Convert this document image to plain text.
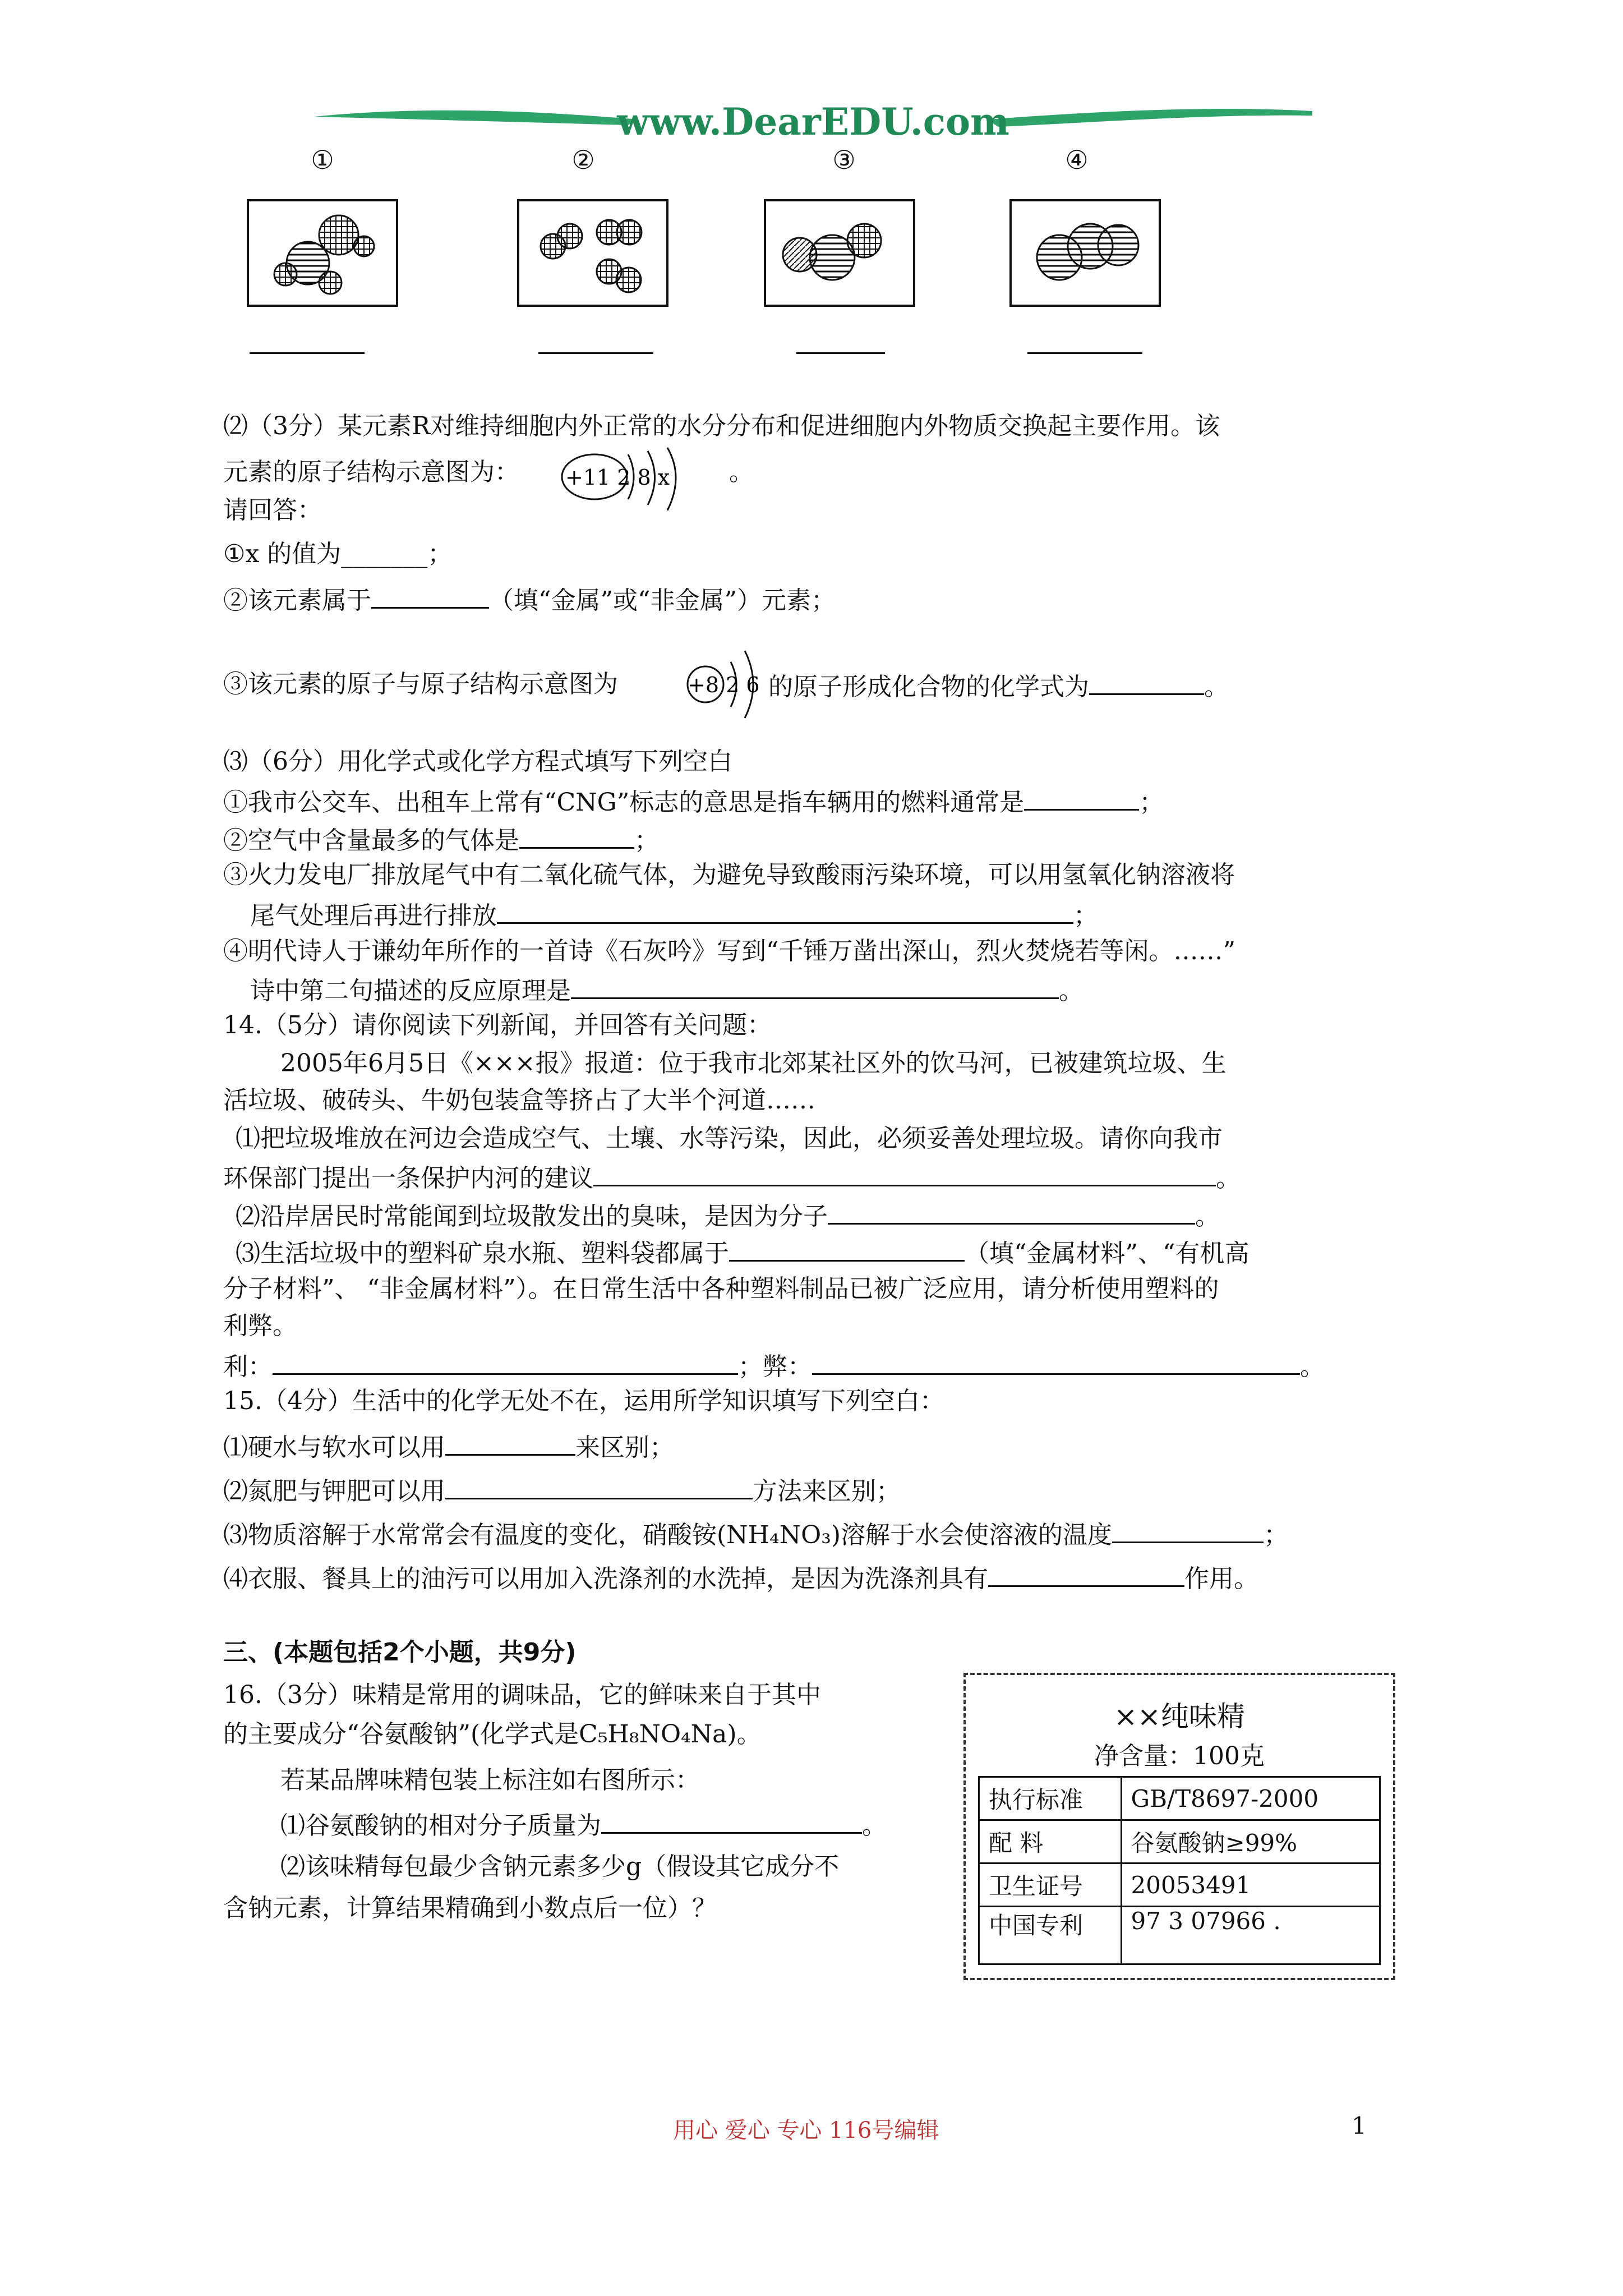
www.DearEDU.com
①	②	③	④
⑵（3分）某元素R对维持细胞内外正常的水分分布和促进细胞内外物质交换起主要作用。该
元素的原子结构示意图为： +11 2 8 x 。
请回答：
①x 的值为_______；
②该元素属于	（填“金属”或“非金属”）元素；
③该元素的原子与原子结构示意图为	+8 2 6 的原子形成化合物的化学式为	。
⑶（6分）用化学式或化学方程式填写下列空白
①我市公交车、出租车上常有“CNG”标志的意思是指车辆用的燃料通常是	；
②空气中含量最多的气体是	；
③火力发电厂排放尾气中有二氧化硫气体，为避免导致酸雨污染环境，可以用氢氧化钠溶液将
尾气处理后再进行排放	；
④明代诗人于谦幼年所作的一首诗《石灰吟》写到“千锤万凿出深山，烈火焚烧若等闲。……”
诗中第二句描述的反应原理是	。
14.（5分）请你阅读下列新闻，并回答有关问题：
2005年6月5日《×××报》报道：位于我市北郊某社区外的饮马河，已被建筑垃圾、生
活垃圾、破砖头、牛奶包装盒等挤占了大半个河道……
⑴把垃圾堆放在河边会造成空气、土壤、水等污染，因此，必须妥善处理垃圾。请你向我市
环保部门提出一条保护内河的建议	。
⑵沿岸居民时常能闻到垃圾散发出的臭味，是因为分子	。
⑶生活垃圾中的塑料矿泉水瓶、塑料袋都属于	（填“金属材料”、“有机高
分子材料”、 “非金属材料”）。在日常生活中各种塑料制品已被广泛应用，请分析使用塑料的
利弊。
利：	；弊：	。
15.（4分）生活中的化学无处不在，运用所学知识填写下列空白：
⑴硬水与软水可以用	来区别；
⑵氮肥与钾肥可以用	方法来区别；
⑶物质溶解于水常常会有温度的变化，硝酸铵(NH₄NO₃)溶解于水会使溶液的温度	；
⑷衣服、餐具上的油污可以用加入洗涤剂的水洗掉，是因为洗涤剂具有	作用。
三、(本题包括2个小题，共9分)
16.（3分）味精是常用的调味品，它的鲜味来自于其中
的主要成分“谷氨酸钠”(化学式是C₅H₈NO₄Na)。
若某品牌味精包装上标注如右图所示：
⑴谷氨酸钠的相对分子质量为	。
⑵该味精每包最少含钠元素多少g（假设其它成分不
含钠元素，计算结果精确到小数点后一位）？
××纯味精
净含量：100克
执行标准	GB/T8697-2000
配 料	谷氨酸钠≥99%
卫生证号	20053491
中国专利	97 3 07966 .
用心 爱心 专心 116号编辑	1
